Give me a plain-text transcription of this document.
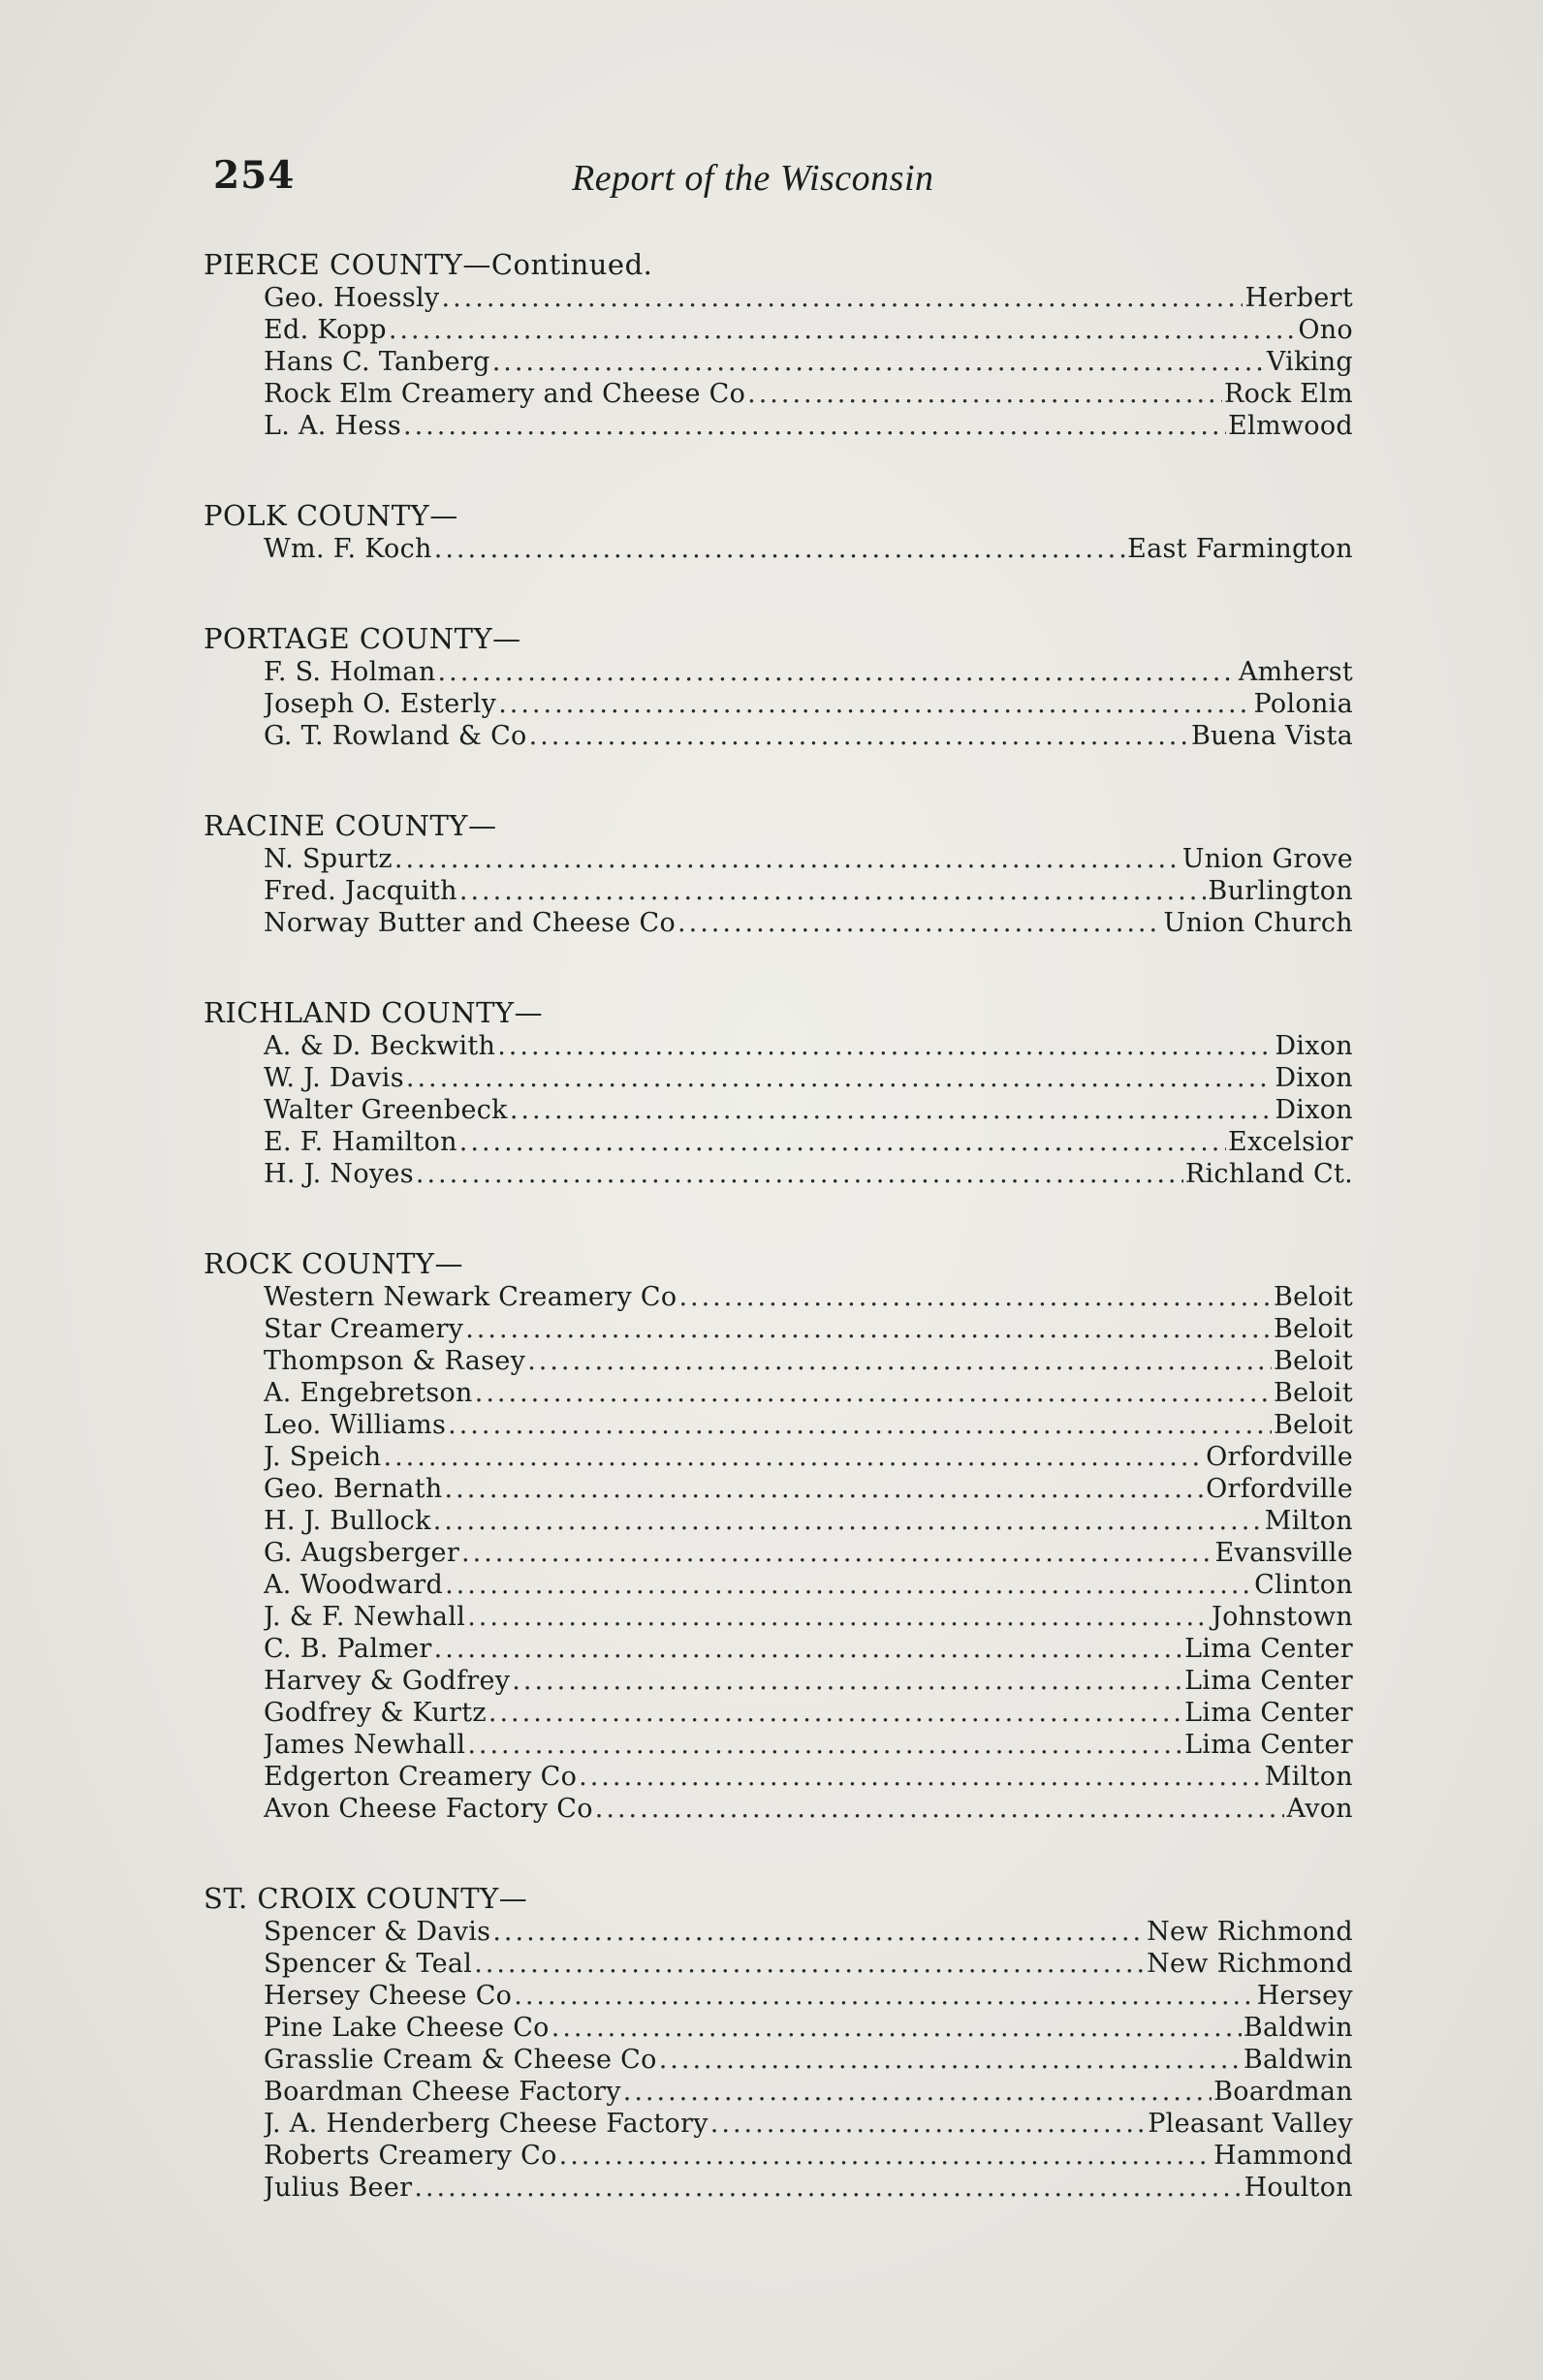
254	Report of the Wisconsin
PIERCE COUNTY—Continued.
Geo. Hoessly .....	Herbert
Ed. Kopp .....	Ono
Hans C. Tanberg .....	Viking
Rock Elm Creamery and Cheese Co .....	Rock Elm
L. A. Hess .....	Elmwood
POLK COUNTY—
Wm. F. Koch .....	East Farmington
PORTAGE COUNTY—
F. S. Holman .....	Amherst
Joseph O. Esterly .....	Polonia
G. T. Rowland & Co .....	Buena Vista
RACINE COUNTY—
N. Spurtz .....	Union Grove
Fred. Jacquith .....	Burlington
Norway Butter and Cheese Co .....	Union Church
RICHLAND COUNTY—
A. & D. Beckwith .....	Dixon
W. J. Davis .....	Dixon
Walter Greenbeck .....	Dixon
E. F. Hamilton .....	Excelsior
H. J. Noyes .....	Richland Ct.
ROCK COUNTY—
Western Newark Creamery Co .....	Beloit
Star Creamery .....	Beloit
Thompson & Rasey .....	Beloit
A. Engebretson .....	Beloit
Leo. Williams .....	Beloit
J. Speich .....	Orfordville
Geo. Bernath .....	Orfordville
H. J. Bullock .....	Milton
G. Augsberger .....	Evansville
A. Woodward .....	Clinton
J. & F. Newhall .....	Johnstown
C. B. Palmer .....	Lima Center
Harvey & Godfrey .....	Lima Center
Godfrey & Kurtz .....	Lima Center
James Newhall .....	Lima Center
Edgerton Creamery Co .....	Milton
Avon Cheese Factory Co .....	Avon
ST. CROIX COUNTY—
Spencer & Davis .....	New Richmond
Spencer & Teal .....	New Richmond
Hersey Cheese Co .....	Hersey
Pine Lake Cheese Co .....	Baldwin
Grasslie Cream & Cheese Co .....	Baldwin
Boardman Cheese Factory .....	Boardman
J. A. Henderberg Cheese Factory .....	Pleasant Valley
Roberts Creamery Co .....	Hammond
Julius Beer .....	Houlton
